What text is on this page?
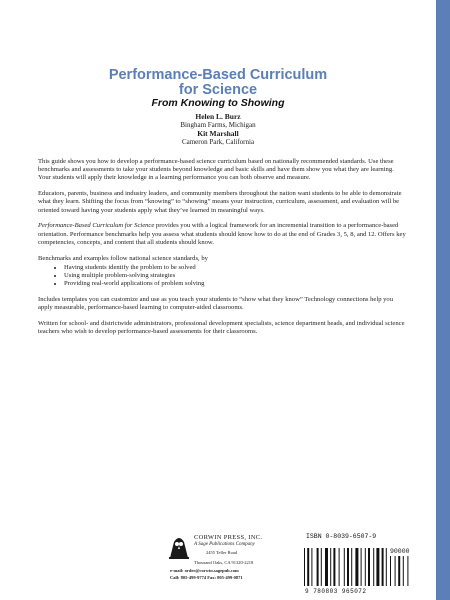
Performance-Based Curriculum
for Science
From Knowing to Showing
Helen L. Burz
Bingham Farms, Michigan
Kit Marshall
Cameron Park, California

This guide shows you how to develop a performance-based science curriculum based on nationally recommended standards. Use these benchmarks and assessments to take your students beyond knowledge and basic skills and have them show you what they are learning. Your students will apply their knowledge in a learning performance you can both observe and measure.

Educators, parents, business and industry leaders, and community members throughout the nation want students to be able to demonstrate what they learn. Shifting the focus from “knowing” to “showing” means your instruction, curriculum, assessment, and evaluation will be oriented toward having your students apply what they’ve learned in meaningful ways.

Performance-Based Curriculum for Science provides you with a logical framework for an incremental transition to a performance-based orientation. Performance benchmarks help you assess what students should know how to do at the end of Grades 3, 5, 8, and 12. Offers key competencies, concepts, and content that all students should know.

Benchmarks and examples follow national science standards, by

• Having students identify the problem to be solved
• Using multiple problem-solving strategies
• Providing real-world applications of problem solving

Includes templates you can customize and use as you teach your students to “show what they know” Technology connections help you apply measurable, performance-based learning to computer-aided classrooms.

Written for school- and districtwide administrators, professional development specialists, science department heads, and individual science teachers who wish to develop performance-based assessments for their classrooms.

CORWIN PRESS, INC.
A Sage Publications Company
2455 Teller Road
Thousand Oaks, CA 91320-2218
e-mail: order@corwin.sagepub.com
Call: 805-499-9774 Fax: 805-499-0871
ISBN 0-8039-6507-9
90000
9 780803 965072
